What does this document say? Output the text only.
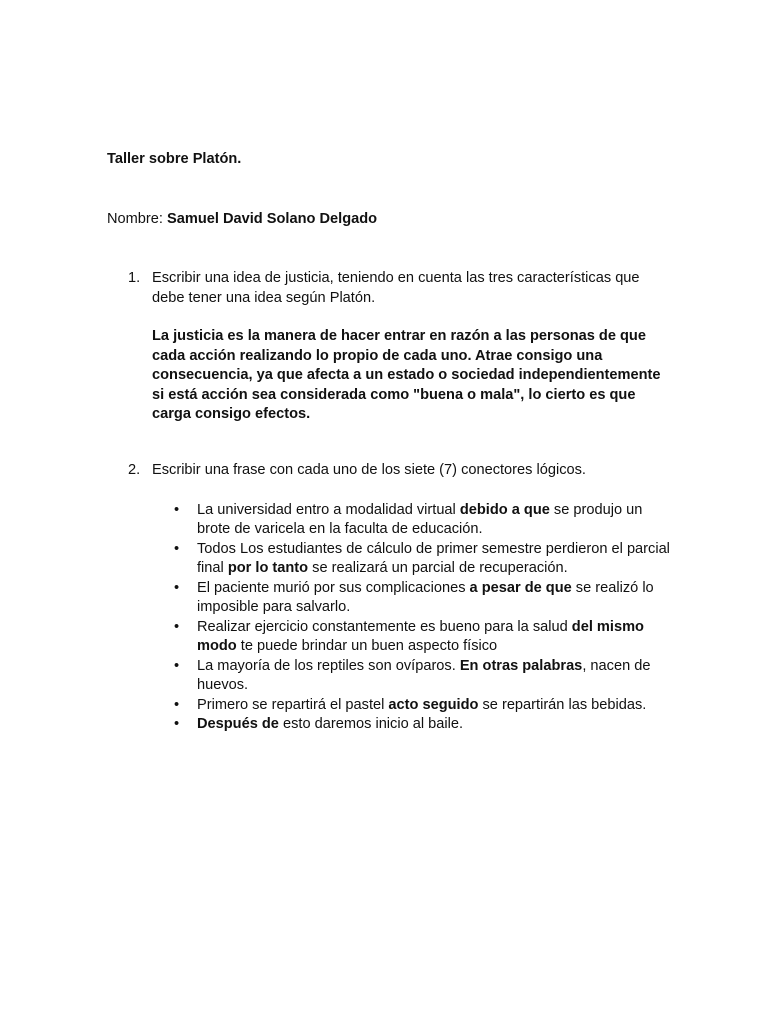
Taller sobre Platón.
Nombre: Samuel David Solano Delgado
1. Escribir una idea de justicia, teniendo en cuenta las tres características que debe tener una idea según Platón.
La justicia es la manera de hacer entrar en razón a las personas de que cada acción realizando lo propio de cada uno. Atrae consigo una consecuencia, ya que afecta a un estado o sociedad independientemente si está acción sea considerada como "buena o mala", lo cierto es que carga consigo efectos.
2. Escribir una frase con cada uno de los siete (7) conectores lógicos.
• La universidad entro a modalidad virtual debido a que se produjo un brote de varicela en la faculta de educación.
• Todos Los estudiantes de cálculo de primer semestre perdieron el parcial final por lo tanto se realizará un parcial de recuperación.
• El paciente murió por sus complicaciones a pesar de que se realizó lo imposible para salvarlo.
• Realizar ejercicio constantemente es bueno para la salud del mismo modo te puede brindar un buen aspecto físico
• La mayoría de los reptiles son ovíparos. En otras palabras, nacen de huevos.
• Primero se repartirá el pastel acto seguido se repartirán las bebidas.
• Después de esto daremos inicio al baile.
